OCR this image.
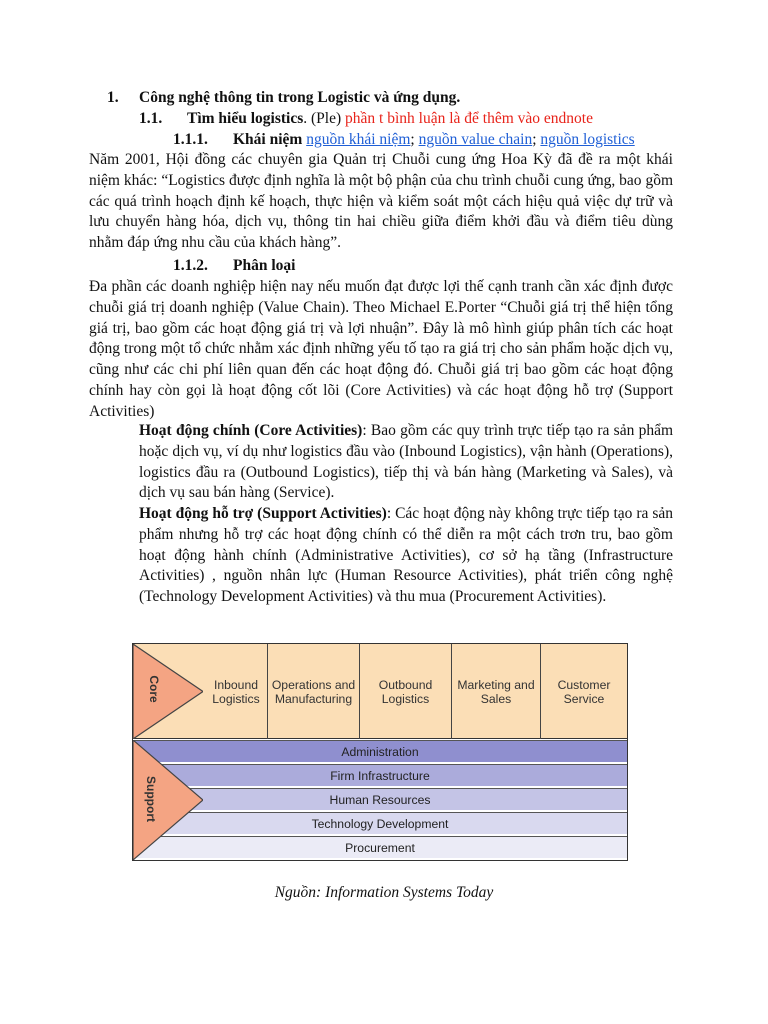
1. Công nghệ thông tin trong Logistic và ứng dụng.
1.1. Tìm hiểu logistics. (Ple) phần t bình luận là để thêm vào endnote
1.1.1. Khái niệm nguồn khái niệm; nguồn value chain; nguồn logistics
Năm 2001, Hội đồng các chuyên gia Quản trị Chuỗi cung ứng Hoa Kỳ đã đề ra một khái niệm khác: “Logistics được định nghĩa là một bộ phận của chu trình chuỗi cung ứng, bao gồm các quá trình hoạch định kế hoạch, thực hiện và kiểm soát một cách hiệu quả việc dự trữ và lưu chuyển hàng hóa, dịch vụ, thông tin hai chiều giữa điểm khởi đầu và điểm tiêu dùng nhằm đáp ứng nhu cầu của khách hàng”.
1.1.2. Phân loại
Đa phần các doanh nghiệp hiện nay nếu muốn đạt được lợi thế cạnh tranh cần xác định được chuỗi giá trị doanh nghiệp (Value Chain). Theo Michael E.Porter “Chuỗi giá trị thể hiện tổng giá trị, bao gồm các hoạt động giá trị và lợi nhuận”. Đây là mô hình giúp phân tích các hoạt động trong một tổ chức nhằm xác định những yếu tố tạo ra giá trị cho sản phẩm hoặc dịch vụ, cũng như các chi phí liên quan đến các hoạt động đó. Chuỗi giá trị bao gồm các hoạt động chính hay còn gọi là hoạt động cốt lõi (Core Activities) và các hoạt động hỗ trợ (Support Activities)
Hoạt động chính (Core Activities): Bao gồm các quy trình trực tiếp tạo ra sản phẩm hoặc dịch vụ, ví dụ như logistics đầu vào (Inbound Logistics), vận hành (Operations), logistics đầu ra (Outbound Logistics), tiếp thị và bán hàng (Marketing và Sales), và dịch vụ sau bán hàng (Service).
Hoạt động hỗ trợ (Support Activities): Các hoạt động này không trực tiếp tạo ra sản phẩm nhưng hỗ trợ các hoạt động chính có thể diễn ra một cách trơn tru, bao gồm hoạt động hành chính (Administrative Activities), cơ sở hạ tầng (Infrastructure Activities) , nguồn nhân lực (Human Resource Activities), phát triển công nghệ (Technology Development Activities) và thu mua (Procurement Activities).
Core	Inbound
Logistics
Operations and
Manufacturing
Outbound
Logistics
Marketing and
Sales
Customer
Service
Administration
Firm Infrastructure
Human Resources
Technology Development
Procurement
Support
Nguồn: Information Systems Today
